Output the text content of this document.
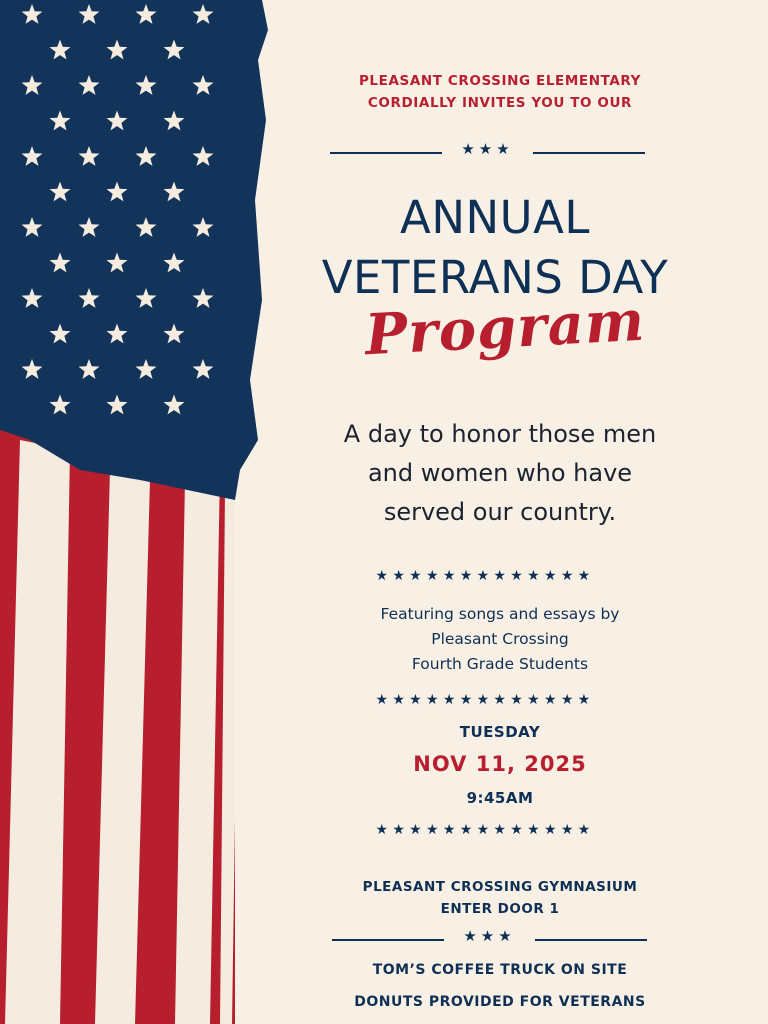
PLEASANT CROSSING ELEMENTARY
CORDIALLY INVITES YOU TO OUR
★★★
ANNUAL
VETERANS DAY
Program
A day to honor those men
and women who have
served our country.
★★★★★★★★★★★★★
Featuring songs and essays by
Pleasant Crossing
Fourth Grade Students
★★★★★★★★★★★★★
TUESDAY
NOV 11, 2025
9:45AM
★★★★★★★★★★★★★
PLEASANT CROSSING GYMNASIUM
ENTER DOOR 1
★★★
TOM’S COFFEE TRUCK ON SITE
DONUTS PROVIDED FOR VETERANS
